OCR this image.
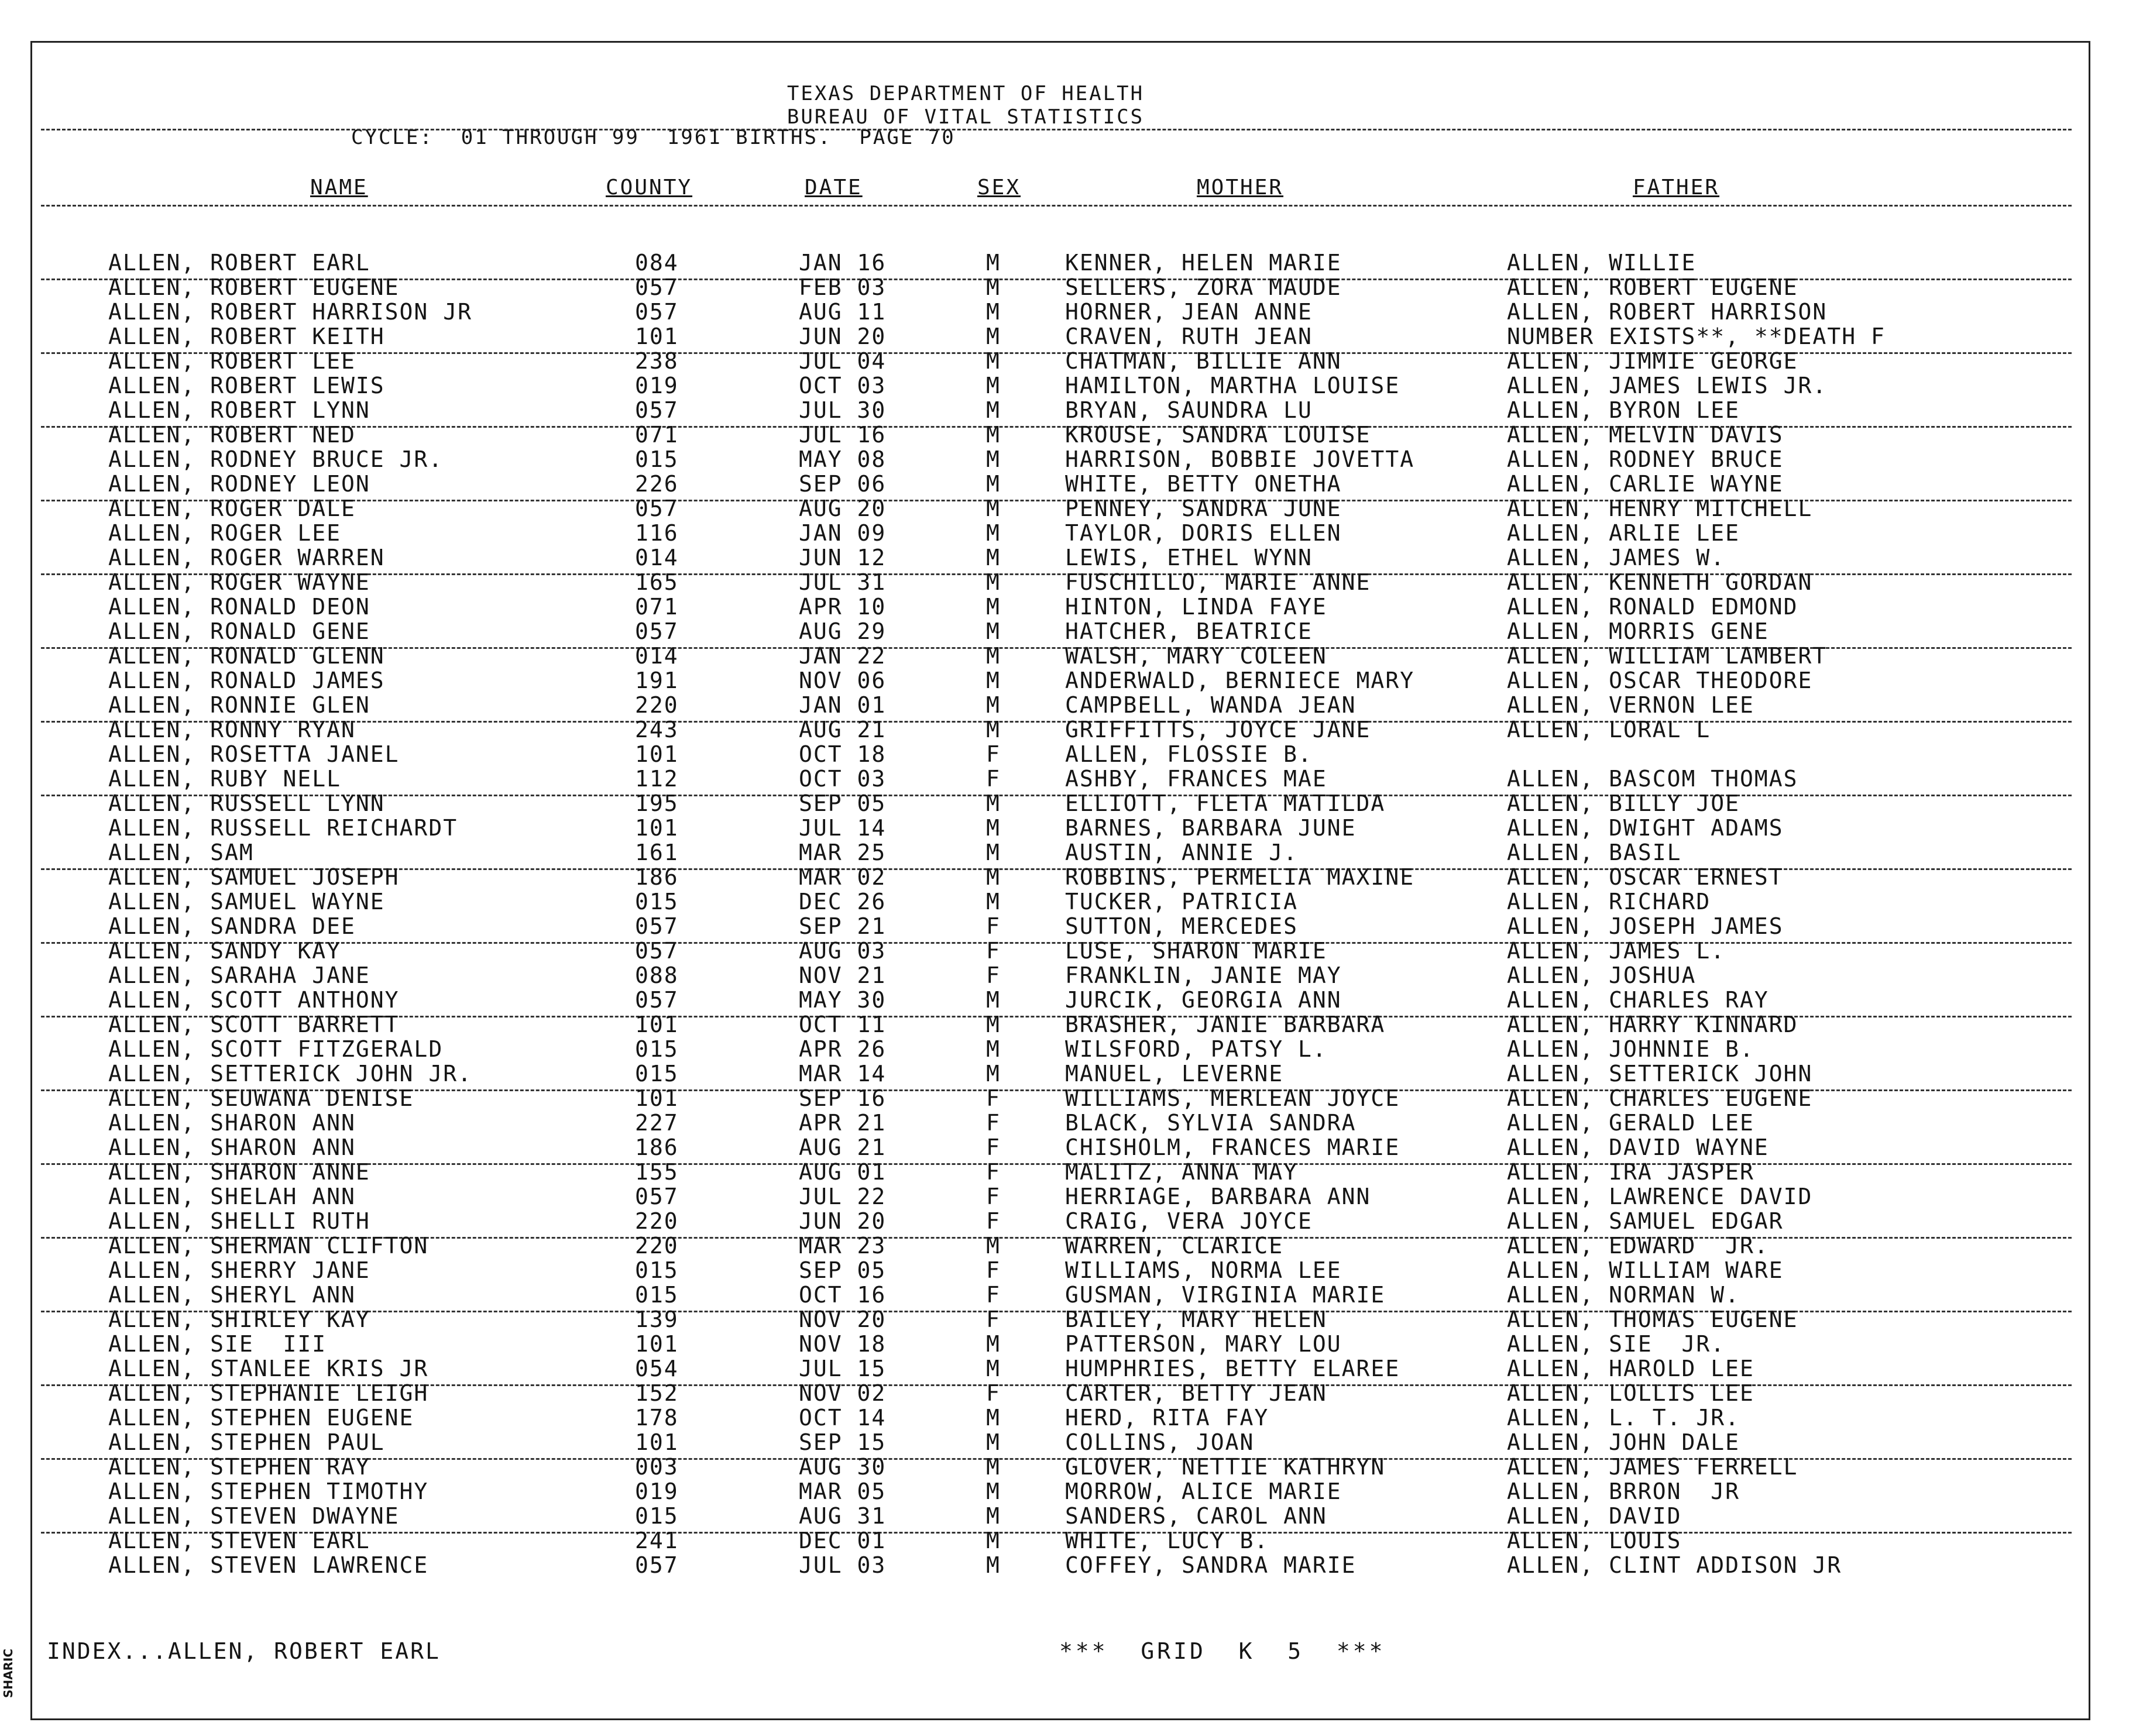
TEXAS DEPARTMENT OF HEALTH
BUREAU OF VITAL STATISTICS
CYCLE:  01 THROUGH 99  1961 BIRTHS.  PAGE 70
NAME	COUNTY	DATE	SEX	MOTHER	FATHER
ALLEN, ROBERT EARL	084	JAN 16	M	KENNER, HELEN MARIE	ALLEN, WILLIE
ALLEN, ROBERT EUGENE	057	FEB 03	M	SELLERS, ZORA MAUDE	ALLEN, ROBERT EUGENE
ALLEN, ROBERT HARRISON JR	057	AUG 11	M	HORNER, JEAN ANNE	ALLEN, ROBERT HARRISON
ALLEN, ROBERT KEITH	101	JUN 20	M	CRAVEN, RUTH JEAN	NUMBER EXISTS**, **DEATH F
ALLEN, ROBERT LEE	238	JUL 04	M	CHATMAN, BILLIE ANN	ALLEN, JIMMIE GEORGE
ALLEN, ROBERT LEWIS	019	OCT 03	M	HAMILTON, MARTHA LOUISE	ALLEN, JAMES LEWIS JR.
ALLEN, ROBERT LYNN	057	JUL 30	M	BRYAN, SAUNDRA LU	ALLEN, BYRON LEE
ALLEN, ROBERT NED	071	JUL 16	M	KROUSE, SANDRA LOUISE	ALLEN, MELVIN DAVIS
ALLEN, RODNEY BRUCE JR.	015	MAY 08	M	HARRISON, BOBBIE JOVETTA	ALLEN, RODNEY BRUCE
ALLEN, RODNEY LEON	226	SEP 06	M	WHITE, BETTY ONETHA	ALLEN, CARLIE WAYNE
ALLEN, ROGER DALE	057	AUG 20	M	PENNEY, SANDRA JUNE	ALLEN, HENRY MITCHELL
ALLEN, ROGER LEE	116	JAN 09	M	TAYLOR, DORIS ELLEN	ALLEN, ARLIE LEE
ALLEN, ROGER WARREN	014	JUN 12	M	LEWIS, ETHEL WYNN	ALLEN, JAMES W.
ALLEN, ROGER WAYNE	165	JUL 31	M	FUSCHILLO, MARIE ANNE	ALLEN, KENNETH GORDAN
ALLEN, RONALD DEON	071	APR 10	M	HINTON, LINDA FAYE	ALLEN, RONALD EDMOND
ALLEN, RONALD GENE	057	AUG 29	M	HATCHER, BEATRICE	ALLEN, MORRIS GENE
ALLEN, RONALD GLENN	014	JAN 22	M	WALSH, MARY COLEEN	ALLEN, WILLIAM LAMBERT
ALLEN, RONALD JAMES	191	NOV 06	M	ANDERWALD, BERNIECE MARY	ALLEN, OSCAR THEODORE
ALLEN, RONNIE GLEN	220	JAN 01	M	CAMPBELL, WANDA JEAN	ALLEN, VERNON LEE
ALLEN, RONNY RYAN	243	AUG 21	M	GRIFFITTS, JOYCE JANE	ALLEN, LORAL L
ALLEN, ROSETTA JANEL	101	OCT 18	F	ALLEN, FLOSSIE B.
ALLEN, RUBY NELL	112	OCT 03	F	ASHBY, FRANCES MAE	ALLEN, BASCOM THOMAS
ALLEN, RUSSELL LYNN	195	SEP 05	M	ELLIOTT, FLETA MATILDA	ALLEN, BILLY JOE
ALLEN, RUSSELL REICHARDT	101	JUL 14	M	BARNES, BARBARA JUNE	ALLEN, DWIGHT ADAMS
ALLEN, SAM	161	MAR 25	M	AUSTIN, ANNIE J.	ALLEN, BASIL
ALLEN, SAMUEL JOSEPH	186	MAR 02	M	ROBBINS, PERMELIA MAXINE	ALLEN, OSCAR ERNEST
ALLEN, SAMUEL WAYNE	015	DEC 26	M	TUCKER, PATRICIA	ALLEN, RICHARD
ALLEN, SANDRA DEE	057	SEP 21	F	SUTTON, MERCEDES	ALLEN, JOSEPH JAMES
ALLEN, SANDY KAY	057	AUG 03	F	LUSE, SHARON MARIE	ALLEN, JAMES L.
ALLEN, SARAHA JANE	088	NOV 21	F	FRANKLIN, JANIE MAY	ALLEN, JOSHUA
ALLEN, SCOTT ANTHONY	057	MAY 30	M	JURCIK, GEORGIA ANN	ALLEN, CHARLES RAY
ALLEN, SCOTT BARRETT	101	OCT 11	M	BRASHER, JANIE BARBARA	ALLEN, HARRY KINNARD
ALLEN, SCOTT FITZGERALD	015	APR 26	M	WILSFORD, PATSY L.	ALLEN, JOHNNIE B.
ALLEN, SETTERICK JOHN JR.	015	MAR 14	M	MANUEL, LEVERNE	ALLEN, SETTERICK JOHN
ALLEN, SEUWANA DENISE	101	SEP 16	F	WILLIAMS, MERLEAN JOYCE	ALLEN, CHARLES EUGENE
ALLEN, SHARON ANN	227	APR 21	F	BLACK, SYLVIA SANDRA	ALLEN, GERALD LEE
ALLEN, SHARON ANN	186	AUG 21	F	CHISHOLM, FRANCES MARIE	ALLEN, DAVID WAYNE
ALLEN, SHARON ANNE	155	AUG 01	F	MALITZ, ANNA MAY	ALLEN, IRA JASPER
ALLEN, SHELAH ANN	057	JUL 22	F	HERRIAGE, BARBARA ANN	ALLEN, LAWRENCE DAVID
ALLEN, SHELLI RUTH	220	JUN 20	F	CRAIG, VERA JOYCE	ALLEN, SAMUEL EDGAR
ALLEN, SHERMAN CLIFTON	220	MAR 23	M	WARREN, CLARICE	ALLEN, EDWARD  JR.
ALLEN, SHERRY JANE	015	SEP 05	F	WILLIAMS, NORMA LEE	ALLEN, WILLIAM WARE
ALLEN, SHERYL ANN	015	OCT 16	F	GUSMAN, VIRGINIA MARIE	ALLEN, NORMAN W.
ALLEN, SHIRLEY KAY	139	NOV 20	F	BAILEY, MARY HELEN	ALLEN, THOMAS EUGENE
ALLEN, SIE  III	101	NOV 18	M	PATTERSON, MARY LOU	ALLEN, SIE  JR.
ALLEN, STANLEE KRIS JR	054	JUL 15	M	HUMPHRIES, BETTY ELAREE	ALLEN, HAROLD LEE
ALLEN, STEPHANIE LEIGH	152	NOV 02	F	CARTER, BETTY JEAN	ALLEN, LOLLIS LEE
ALLEN, STEPHEN EUGENE	178	OCT 14	M	HERD, RITA FAY	ALLEN, L. T. JR.
ALLEN, STEPHEN PAUL	101	SEP 15	M	COLLINS, JOAN	ALLEN, JOHN DALE
ALLEN, STEPHEN RAY	003	AUG 30	M	GLOVER, NETTIE KATHRYN	ALLEN, JAMES FERRELL
ALLEN, STEPHEN TIMOTHY	019	MAR 05	M	MORROW, ALICE MARIE	ALLEN, BRRON  JR
ALLEN, STEVEN DWAYNE	015	AUG 31	M	SANDERS, CAROL ANN	ALLEN, DAVID
ALLEN, STEVEN EARL	241	DEC 01	M	WHITE, LUCY B.	ALLEN, LOUIS
ALLEN, STEVEN LAWRENCE	057	JUL 03	M	COFFEY, SANDRA MARIE	ALLEN, CLINT ADDISON JR
INDEX...ALLEN, ROBERT EARL	***  GRID  K  5  ***
SHARIC
